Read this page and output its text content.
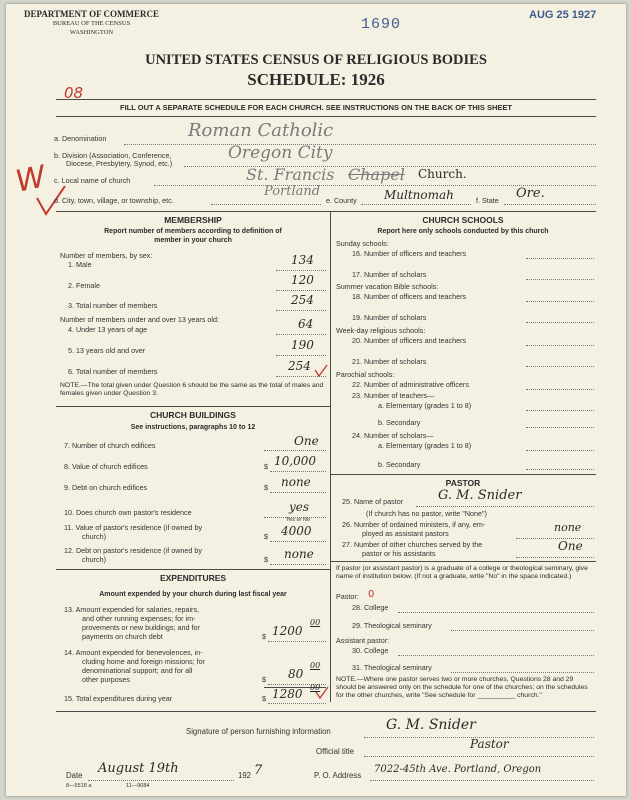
DEPARTMENT OF COMMERCE
BUREAU OF THE CENSUS
WASHINGTON	1690
AUG 25 1927
UNITED STATES CENSUS OF RELIGIOUS BODIES
SCHEDULE: 1926
08
FILL OUT A SEPARATE SCHEDULE FOR EACH CHURCH. SEE INSTRUCTIONS ON THE BACK OF THIS SHEET
W
a. Denomination	Roman Catholic
b. Division (Association, Conference,
Diocese, Presbytery, Synod, etc.)
Oregon City
c. Local name of church	St. Francis Chapel Church.
d. City, town, village, or township, etc.
Portland
e. County Multnomah	f. State Ore.
MEMBERSHIP
Report number of members according to definition of
member in your church
Number of members, by sex:
1. Male	134
2. Female	120
3. Total number of members	254
Number of members under and over 13 years old:
4. Under 13 years of age	64
5. 13 years old and over	190
6. Total number of members	254
NOTE.—The total given under Question 6 should be the same as the total of males and females given under Question 3.
CHURCH BUILDINGS
See instructions, paragraphs 10 to 12
7. Number of church edifices	One
8. Value of church edifices	$ 10,000
9. Debt on church edifices	$ none
10. Does church own pastor's residence	yes
Yes or No
11. Value of pastor's residence (if owned by
church)	$ 4000
12. Debt on pastor's residence (if owned by
church)	$ none
EXPENDITURES
Amount expended by your church during last fiscal year
13. Amount expended for salaries, repairs,
and other running expenses; for im-
provements or new buildings; and for
payments on church debt	$ 1200
00
14. Amount expended for benevolences, in-
cluding home and foreign missions; for
denominational support; and for all
other purposes	$ 80
00
15. Total expenditures during year	$ 1280 00
CHURCH SCHOOLS
Report here only schools conducted by this church
Sunday schools:
16. Number of officers and teachers
17. Number of scholars
Summer vacation Bible schools:
18. Number of officers and teachers
19. Number of scholars
Week-day religious schools:
20. Number of officers and teachers
21. Number of scholars
Parochial schools:
22. Number of administrative officers
23. Number of teachers—
a. Elementary (grades 1 to 8)
b. Secondary
24. Number of scholars—
a. Elementary (grades 1 to 8)
b. Secondary
PASTOR
25. Name of pastor	G. M. Snider
(If church has no pastor, write "None")
26. Number of ordained ministers, if any, em-
ployed as assistant pastors	none
27. Number of other churches served by the
pastor or his assistants
One
If pastor (or assistant pastor) is a graduate of a college or theological seminary, give name of institution below. (If not a graduate, write "No" in the space indicated.)
Pastor: 0
28. College
29. Theological seminary
Assistant pastor:
30. College
31. Theological seminary
NOTE.—Where one pastor serves two or more churches, Questions 28 and 29 should be answered only on the schedule for one of the churches; on the schedules for the other churches, write "See schedule for __________ church."
Signature of person furnishing information	G. M. Snider
Official title
Pastor
Date August 19th	192 7	P. O. Address
7022-45th Ave. Portland, Oregon
8—5518 a	11—9084
